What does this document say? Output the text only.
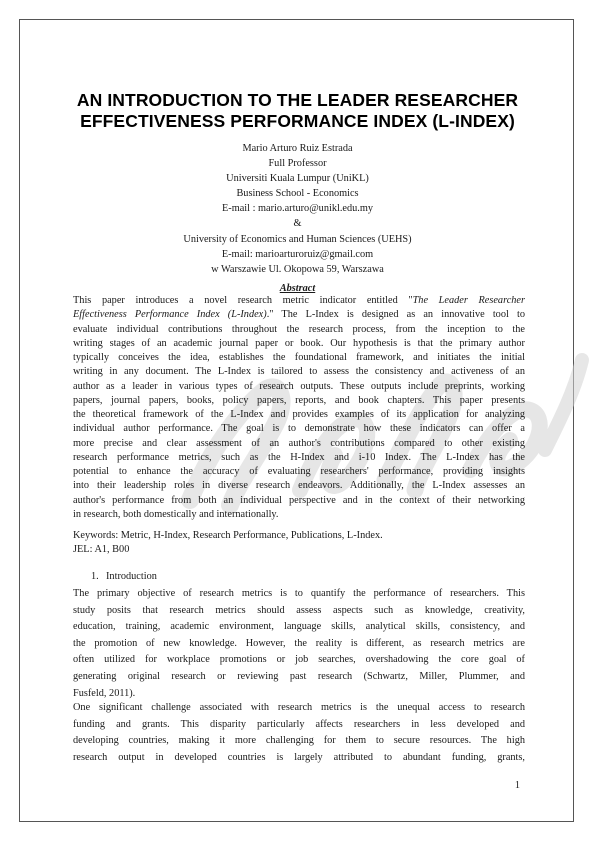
AN INTRODUCTION TO THE LEADER RESEARCHER
EFFECTIVENESS PERFORMANCE INDEX (L-INDEX)
Mario Arturo Ruiz Estrada
Full Professor
Universiti Kuala Lumpur (UniKL)
Business School - Economics
E-mail : mario.arturo@unikl.edu.my
&
University of Economics and Human Sciences (UEHS)
E-mail: marioarturoruiz@gmail.com
w Warszawie Ul. Okopowa 59, Warszawa
Abstract
This paper introduces a novel research metric indicator entitled "The Leader Researcher
Effectiveness Performance Index (L-Index)." The L-Index is designed as an innovative tool to
evaluate individual contributions throughout the research process, from the inception to the
writing stages of an academic journal paper or book. Our hypothesis is that the primary author
typically conceives the idea, establishes the foundational framework, and initiates the initial
writing in any document. The L-Index is tailored to assess the consistency and activeness of an
author as a leader in various types of research outputs. These outputs include preprints, working
papers, journal papers, books, policy papers, reports, and book chapters. This paper presents
the theoretical framework of the L-Index and provides examples of its application for analyzing
individual author performance. The goal is to demonstrate how these indicators can offer a
more precise and clear assessment of an author's contributions compared to other existing
research performance metrics, such as the H-Index and i-10 Index. The L-Index has the
potential to enhance the accuracy of evaluating researchers' performance, providing insights
into their leadership roles in diverse research endeavors. Additionally, the L-Index assesses an
author's performance from both an individual perspective and in the context of their networking
in research, both domestically and internationally.
Keywords: Metric, H-Index, Research Performance, Publications, L-Index.
JEL: A1, B00
1. Introduction
The primary objective of research metrics is to quantify the performance of researchers. This
study posits that research metrics should assess aspects such as knowledge, creativity,
education, training, academic environment, language skills, analytical skills, consistency, and
the promotion of new knowledge. However, the reality is different, as research metrics are
often utilized for workplace promotions or job searches, overshadowing the core goal of
generating original research or reviewing past research (Schwartz, Miller, Plummer, and
Fusfeld, 2011).
One significant challenge associated with research metrics is the unequal access to research
funding and grants. This disparity particularly affects researchers in less developed and
developing countries, making it more challenging for them to secure resources. The high
research output in developed countries is largely attributed to abundant funding, grants,
1
